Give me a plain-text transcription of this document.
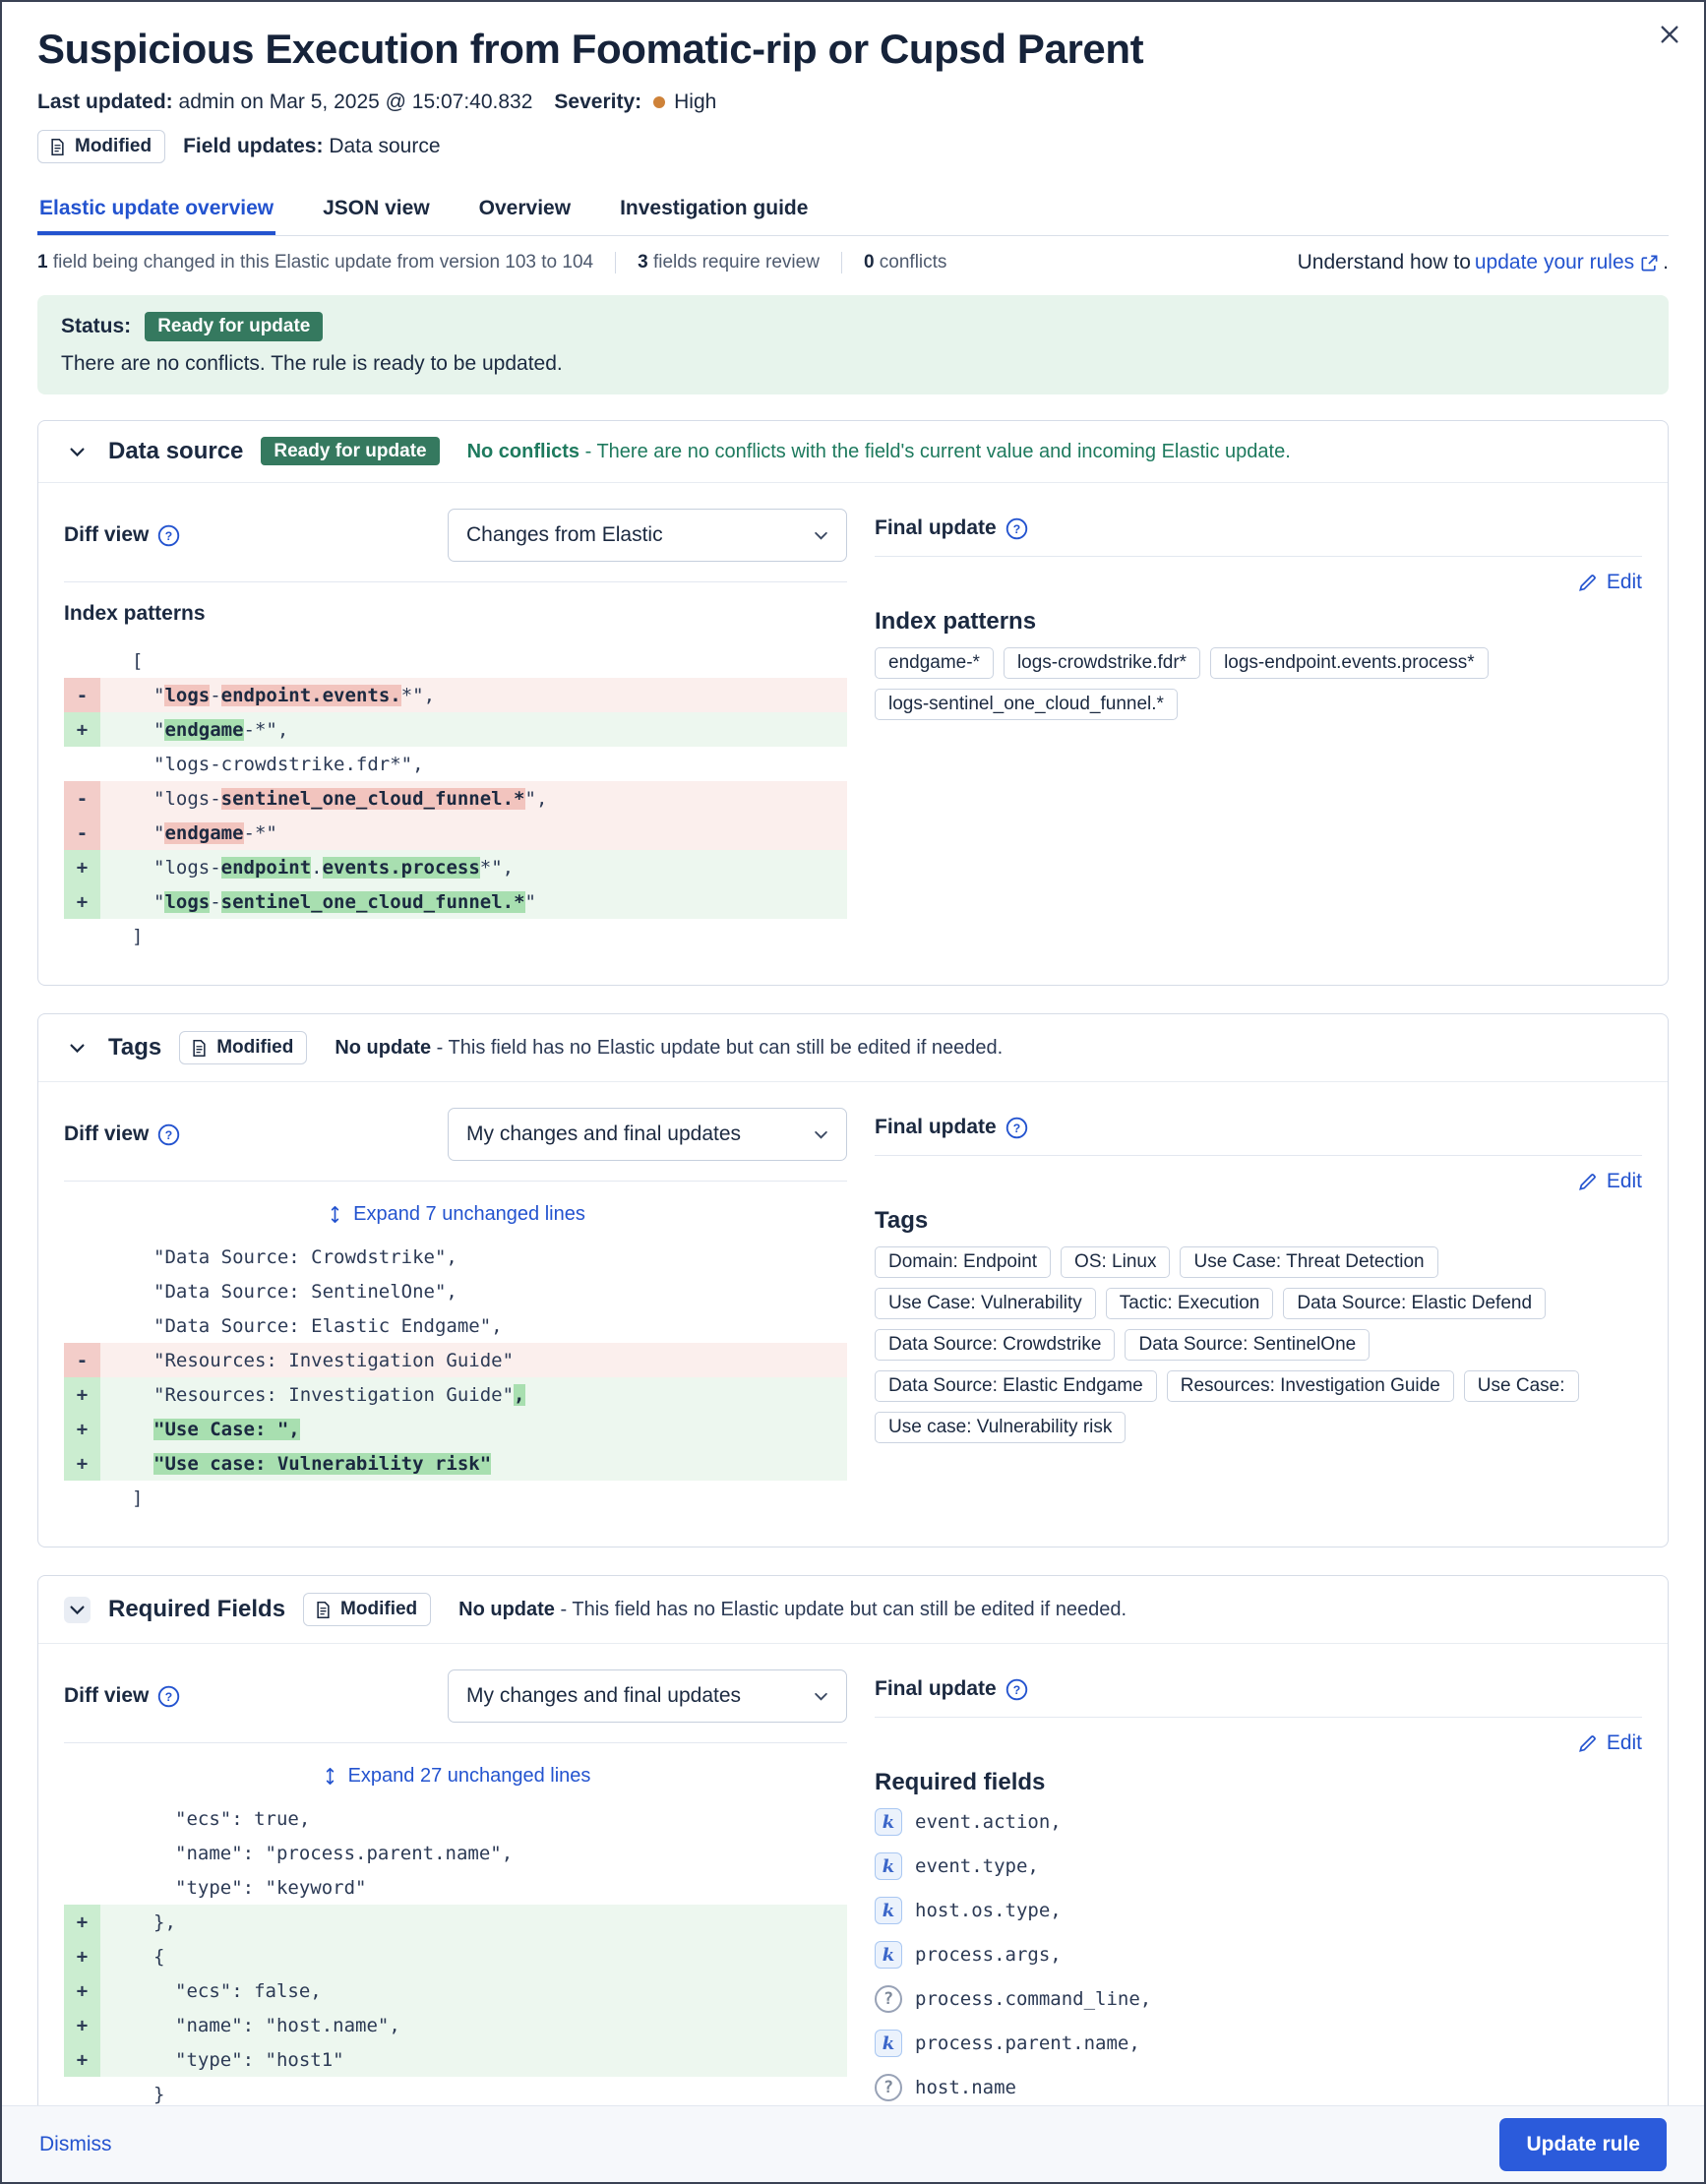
Suspicious Execution from Foomatic-rip or Cupsd Parent
Last updated:
admin on Mar 5, 2025 @ 15:07:40.832 Severity: High
Modified Field updates: Data source
Elastic update overview JSON view Overview Investigation guide
1 field being changed in this Elastic update from version 103 to 104	3 fields require review	0 conflicts	Understand how to update your rules .
Status:	Ready for update
There are no conflicts. The rule is ready to be updated.
Data source	Ready for update	No conflicts - There are no conflicts with the field's current value and incoming Elastic update.
Diff view ?	Changes from Elastic
Index patterns
[
-	" logs - endpoint.events. *",
+	" endgame -*",
"logs-crowdstrike.fdr*",
-	"logs- sentinel_one_cloud_funnel.* ",
-	" endgame -*"
+	"logs- endpoint . events.process *",
+	" logs - sentinel_one_cloud_funnel.* "
]
Final update ?
Edit
Index patterns
endgame-*	logs-crowdstrike.fdr*	logs-endpoint.events.process*
logs-sentinel_one_cloud_funnel.*
Tags	Modified No update - This field has no Elastic update but can still be edited if needed.
Diff view ?	My changes and final updates
Expand 7 unchanged lines
"Data Source: Crowdstrike",
"Data Source: SentinelOne",
"Data Source: Elastic Endgame",
-	"Resources: Investigation Guide"
+	"Resources: Investigation Guide" ,
+	"Use Case: ",
+	"Use case: Vulnerability risk"
]
Final update ?
Edit
Tags
Domain: Endpoint	OS: Linux	Use Case: Threat Detection
Use Case: Vulnerability	Tactic: Execution	Data Source: Elastic Defend
Data Source: Crowdstrike	Data Source: SentinelOne
Data Source: Elastic Endgame	Resources: Investigation Guide	Use Case:
Use case: Vulnerability risk
Required Fields	Modified No update - This field has no Elastic update but can still be edited if needed.
Diff view ?	My changes and final updates
Expand 27 unchanged lines
"ecs": true,
"name": "process.parent.name",
"type": "keyword"
+	},
+	{
+	"ecs": false,
+	"name": "host.name",
+	"type": "host1"
}
Final update ?
Edit
Required fields
k	event.action,
k	event.type,
k	host.os.type,
k	process.args,
?	process.command_line,
k	process.parent.name,
?	host.name
Dismiss	Update rule
